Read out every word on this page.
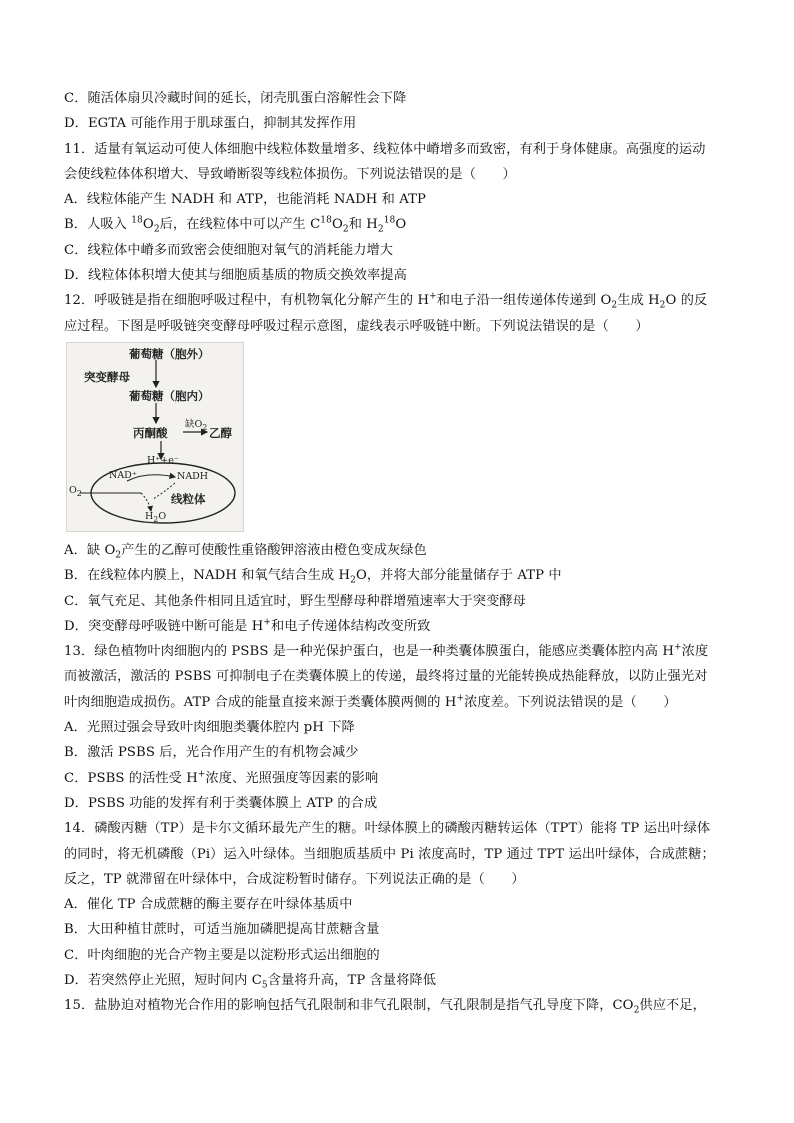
C．随活体扇贝冷藏时间的延长，闭壳肌蛋白溶解性会下降
D．EGTA 可能作用于肌球蛋白，抑制其发挥作用
11．适量有氧运动可使人体细胞中线粒体数量增多、线粒体中嵴增多而致密，有利于身体健康。高强度的运动
会使线粒体体积增大、导致嵴断裂等线粒体损伤。下列说法错误的是（　　）
A．线粒体能产生 NADH 和 ATP，也能消耗 NADH 和 ATP
B．人吸入 $^{18}O_2$后，在线粒体中可以产生 $C^{18}O_2$和 $H_2^{18}O$
C．线粒体中嵴多而致密会使细胞对氧气的消耗能力增大
D．线粒体体积增大使其与细胞质基质的物质交换效率提高
12．呼吸链是指在细胞呼吸过程中，有机物氧化分解产生的 H+和电子沿一组传递体传递到 $O_2$生成 $H_2O$ 的反
应过程。下图是呼吸链突变酵母呼吸过程示意图，虚线表示呼吸链中断。下列说法错误的是（　　）
葡萄糖（胞外）
突变酵母
葡萄糖（胞内）
丙酮酸
缺$O_2$ 乙醇
H⁺+e⁻
NAD⁺	NADH
$O_2$	线粒体
$H_2O$
A．缺 $O_2$产生的乙醇可使酸性重铬酸钾溶液由橙色变成灰绿色
B．在线粒体内膜上，NADH 和氧气结合生成 $H_2O$，并将大部分能量储存于 ATP 中
C．氧气充足、其他条件相同且适宜时，野生型酵母种群增殖速率大于突变酵母
D．突变酵母呼吸链中断可能是 H+和电子传递体结构改变所致
13．绿色植物叶肉细胞内的 PSBS 是一种光保护蛋白，也是一种类囊体膜蛋白，能感应类囊体腔内高 H+浓度
而被激活，激活的 PSBS 可抑制电子在类囊体膜上的传递，最终将过量的光能转换成热能释放，以防止强光对
叶肉细胞造成损伤。ATP 合成的能量直接来源于类囊体膜两侧的 H+浓度差。下列说法错误的是（　　）
A．光照过强会导致叶肉细胞类囊体腔内 pH 下降
B．激活 PSBS 后，光合作用产生的有机物会减少
C．PSBS 的活性受 H+浓度、光照强度等因素的影响
D．PSBS 功能的发挥有利于类囊体膜上 ATP 的合成
14．磷酸丙糖（TP）是卡尔文循环最先产生的糖。叶绿体膜上的磷酸丙糖转运体（TPT）能将 TP 运出叶绿体
的同时，将无机磷酸（Pi）运入叶绿体。当细胞质基质中 Pi 浓度高时，TP 通过 TPT 运出叶绿体，合成蔗糖；
反之，TP 就滞留在叶绿体中，合成淀粉暂时储存。下列说法正确的是（　　）
A．催化 TP 合成蔗糖的酶主要存在叶绿体基质中
B．大田种植甘蔗时，可适当施加磷肥提高甘蔗糖含量
C．叶肉细胞的光合产物主要是以淀粉形式运出细胞的
D．若突然停止光照，短时间内 $C_5$含量将升高，TP 含量将降低
15．盐胁迫对植物光合作用的影响包括气孔限制和非气孔限制，气孔限制是指气孔导度下降，$CO_2$供应不足，
